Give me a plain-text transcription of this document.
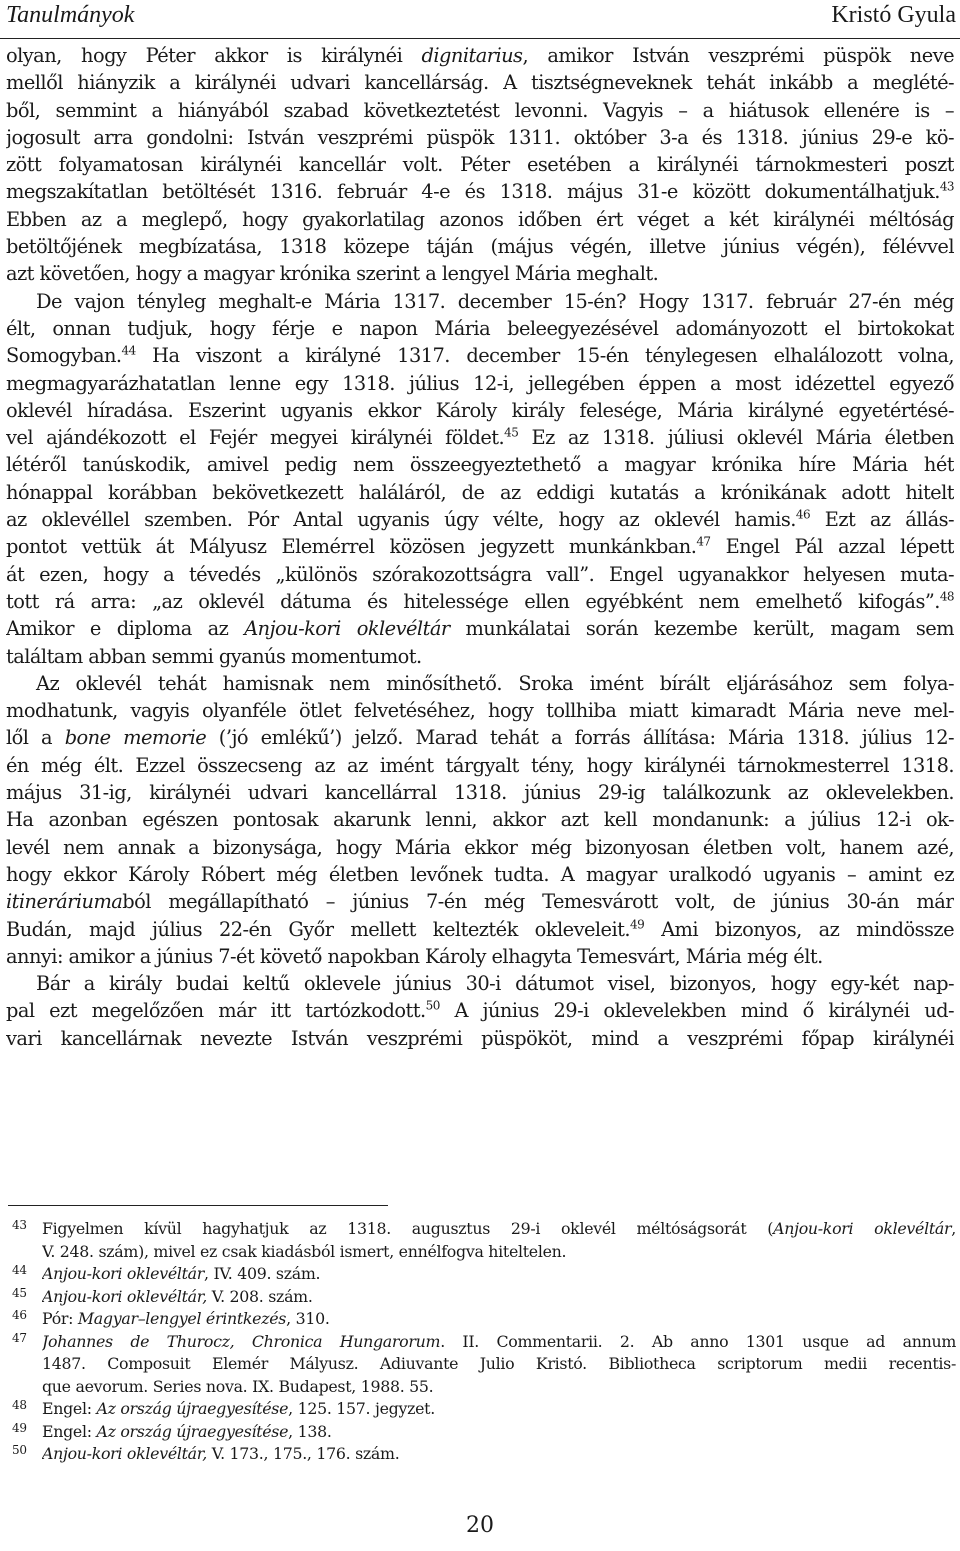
Tanulmányok	Kristó Gyula
olyan, hogy Péter akkor is királynéi dignitarius, amikor István veszprémi püspök neve
mellől hiányzik a királynéi udvari kancellárság. A tisztségneveknek tehát inkább a meglété-
ből, semmint a hiányából szabad következtetést levonni. Vagyis – a hiátusok ellenére is –
jogosult arra gondolni: István veszprémi püspök 1311. október 3-a és 1318. június 29-e kö-
zött folyamatosan királynéi kancellár volt. Péter esetében a királynéi tárnokmesteri poszt
megszakítatlan betöltését 1316. február 4-e és 1318. május 31-e között dokumentálhatjuk.$^{43}$
Ebben az a meglepő, hogy gyakorlatilag azonos időben ért véget a két királynéi méltóság
betöltőjének megbízatása, 1318 közepe táján (május végén, illetve június végén), félévvel
azt követően, hogy a magyar krónika szerint a lengyel Mária meghalt.
De vajon tényleg meghalt-e Mária 1317. december 15-én? Hogy 1317. február 27-én még
élt, onnan tudjuk, hogy férje e napon Mária beleegyezésével adományozott el birtokokat
Somogyban.$^{44}$ Ha viszont a királyné 1317. december 15-én ténylegesen elhalálozott volna,
megmagyarázhatatlan lenne egy 1318. július 12-i, jellegében éppen a most idézettel egyező
oklevél híradása. Eszerint ugyanis ekkor Károly király felesége, Mária királyné egyetértésé-
vel ajándékozott el Fejér megyei királynéi földet.$^{45}$ Ez az 1318. júliusi oklevél Mária életben
létéről tanúskodik, amivel pedig nem összeegyeztethető a magyar krónika híre Mária hét
hónappal korábban bekövetkezett haláláról, de az eddigi kutatás a krónikának adott hitelt
az oklevéllel szemben. Pór Antal ugyanis úgy vélte, hogy az oklevél hamis.$^{46}$ Ezt az állás-
pontot vettük át Mályusz Elemérrel közösen jegyzett munkánkban.$^{47}$ Engel Pál azzal lépett
át ezen, hogy a tévedés „különös szórakozottságra vall”. Engel ugyanakkor helyesen muta-
tott rá arra: „az oklevél dátuma és hitelessége ellen egyébként nem emelhető kifogás”.$^{48}$
Amikor e diploma az Anjou-kori oklevéltár munkálatai során kezembe került, magam sem
találtam abban semmi gyanús momentumot.
Az oklevél tehát hamisnak nem minősíthető. Sroka imént bírált eljárásához sem folya-
modhatunk, vagyis olyanféle ötlet felvetéséhez, hogy tollhiba miatt kimaradt Mária neve mel-
lől a bone memorie (’jó emlékű’) jelző. Marad tehát a forrás állítása: Mária 1318. július 12-
én még élt. Ezzel összecseng az az imént tárgyalt tény, hogy királynéi tárnokmesterrel 1318.
május 31-ig, királynéi udvari kancellárral 1318. június 29-ig találkozunk az oklevelekben.
Ha azonban egészen pontosak akarunk lenni, akkor azt kell mondanunk: a július 12-i ok-
levél nem annak a bizonysága, hogy Mária ekkor még bizonyosan életben volt, hanem azé,
hogy ekkor Károly Róbert még életben levőnek tudta. A magyar uralkodó ugyanis – amint ez
itineráriumaból megállapítható – június 7-én még Temesvárott volt, de június 30-án már
Budán, majd július 22-én Győr mellett keltezték okleveleit.$^{49}$ Ami bizonyos, az mindössze
annyi: amikor a június 7-ét követő napokban Károly elhagyta Temesvárt, Mária még élt.
Bár a király budai keltű oklevele június 30-i dátumot visel, bizonyos, hogy egy-két nap-
pal ezt megelőzően már itt tartózkodott.$^{50}$ A június 29-i oklevelekben mind ő királynéi ud-
vari kancellárnak nevezte István veszprémi püspököt, mind a veszprémi főpap királynéi
43 Figyelmen kívül hagyhatjuk az 1318. augusztus 29-i oklevél méltóságsorát (Anjou-kori oklevéltár,
V. 248. szám), mivel ez csak kiadásból ismert, ennélfogva hiteltelen.
44 Anjou-kori oklevéltár, IV. 409. szám.
45 Anjou-kori oklevéltár, V. 208. szám.
46 Pór: Magyar–lengyel érintkezés, 310.
47 Johannes de Thurocz, Chronica Hungarorum. II. Commentarii. 2. Ab anno 1301 usque ad annum
1487. Composuit Elemér Mályusz. Adiuvante Julio Kristó. Bibliotheca scriptorum medii recentis-
que aevorum. Series nova. IX. Budapest, 1988. 55.
48 Engel: Az ország újraegyesítése, 125. 157. jegyzet.
49 Engel: Az ország újraegyesítése, 138.
50 Anjou-kori oklevéltár, V. 173., 175., 176. szám.
20
